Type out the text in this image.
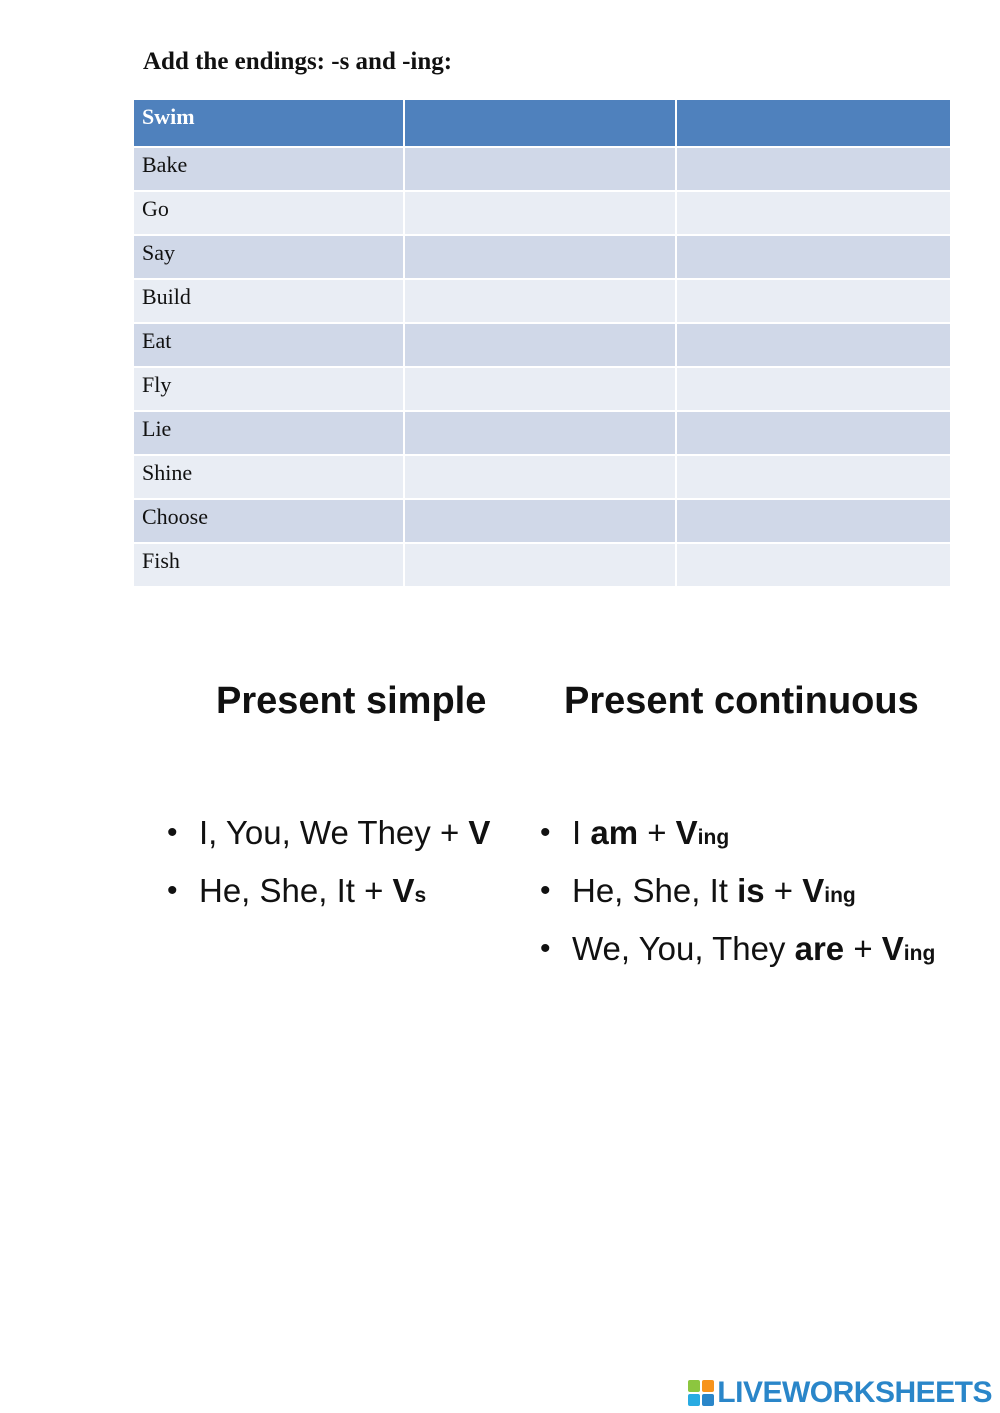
Add the endings: -s and -ing:
Swim		
Bake		
Go		
Say		
Build		
Eat		
Fly		
Lie		
Shine		
Choose		
Fish		
Present simple Present continuous
• I, You, We They + V
• He, She, It + Vs
• I am + Ving
• He, She, It is + Ving
• We, You, They are + Ving
LIVEWORKSHEETS
